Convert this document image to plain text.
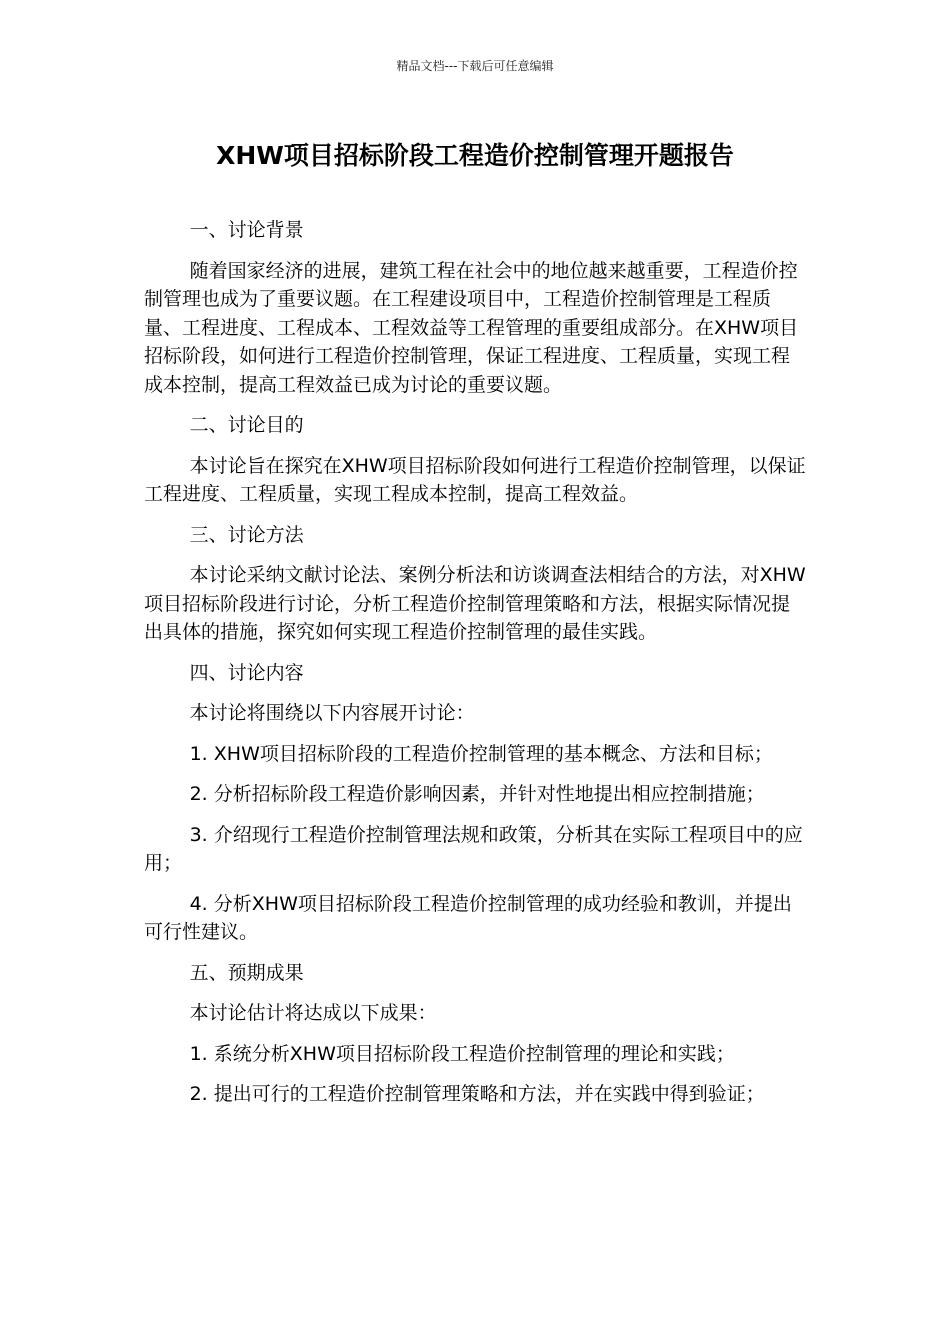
精品文档---下载后可任意编辑
XHW项目招标阶段工程造价控制管理开题报告

一、讨论背景

随着国家经济的进展，建筑工程在社会中的地位越来越重要，工程造价控制管理也成为了重要议题。在工程建设项目中，工程造价控制管理是工程质量、工程进度、工程成本、工程效益等工程管理的重要组成部分。在XHW项目招标阶段，如何进行工程造价控制管理，保证工程进度、工程质量，实现工程成本控制，提高工程效益已成为讨论的重要议题。

二、讨论目的

本讨论旨在探究在XHW项目招标阶段如何进行工程造价控制管理，以保证工程进度、工程质量，实现工程成本控制，提高工程效益。

三、讨论方法

本讨论采纳文献讨论法、案例分析法和访谈调查法相结合的方法，对XHW项目招标阶段进行讨论，分析工程造价控制管理策略和方法，根据实际情况提出具体的措施，探究如何实现工程造价控制管理的最佳实践。

四、讨论内容

本讨论将围绕以下内容展开讨论：

1. XHW项目招标阶段的工程造价控制管理的基本概念、方法和目标；

2. 分析招标阶段工程造价影响因素，并针对性地提出相应控制措施；

3. 介绍现行工程造价控制管理法规和政策，分析其在实际工程项目中的应用；

4. 分析XHW项目招标阶段工程造价控制管理的成功经验和教训，并提出可行性建议。

五、预期成果

本讨论估计将达成以下成果：

1. 系统分析XHW项目招标阶段工程造价控制管理的理论和实践；

2. 提出可行的工程造价控制管理策略和方法，并在实践中得到验证；
